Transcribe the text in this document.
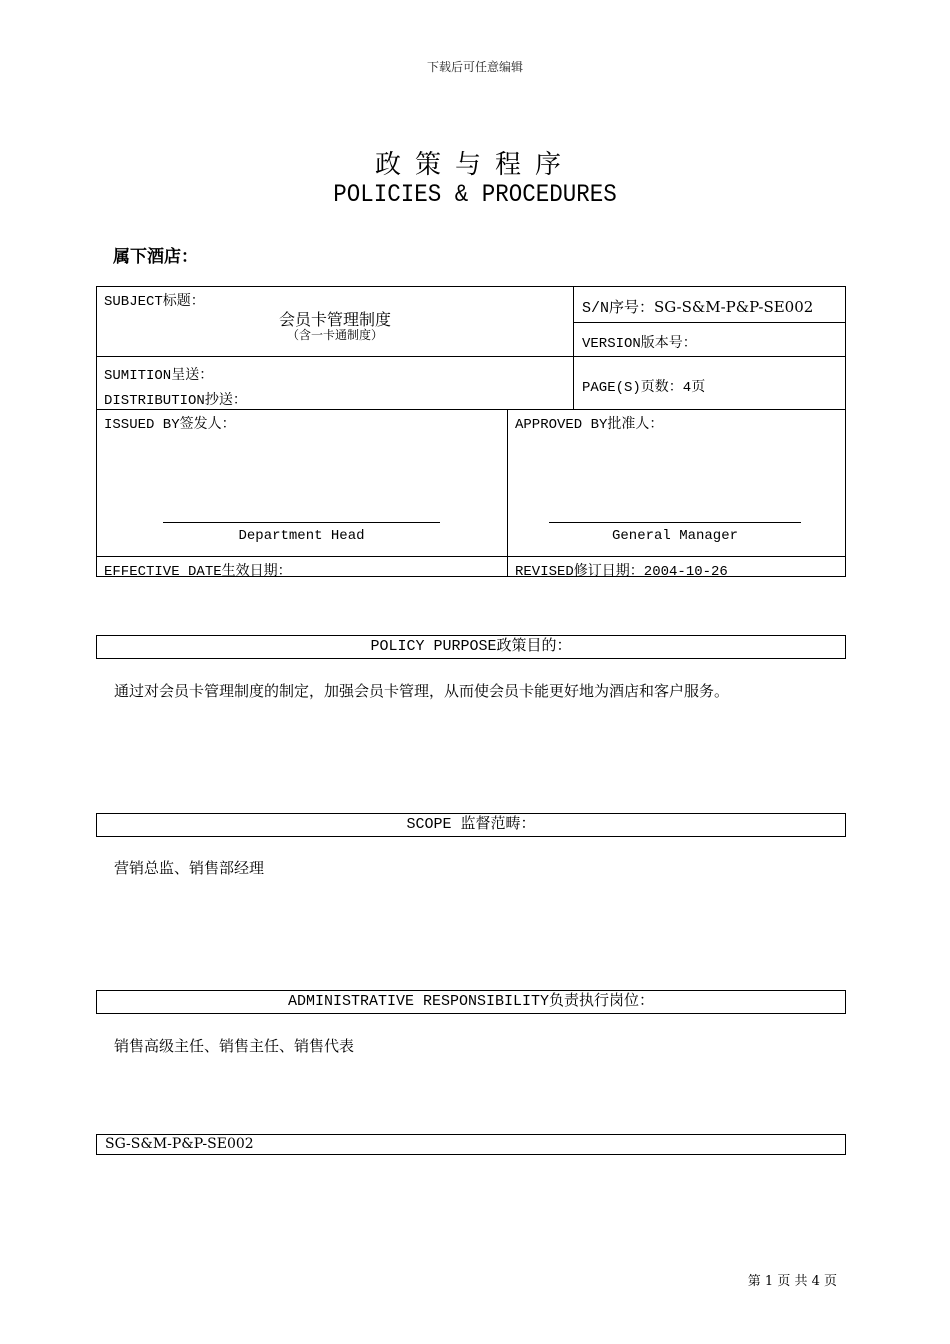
下载后可任意编辑
政策与程序
POLICIES & PROCEDURES
属下酒店：
SUBJECT标题：
会员卡管理制度
（含一卡通制度）
S/N序号：SG-S&M-P&P-SE002
VERSION版本号：
SUMITION呈送：
DISTRIBUTION抄送：
PAGE(S)页数：4页
ISSUED BY签发人：	APPROVED BY批准人：
Department Head	General Manager
EFFECTIVE DATE生效日期：	REVISED修订日期：2004-10-26
POLICY PURPOSE政策目的：
通过对会员卡管理制度的制定，加强会员卡管理，从而使会员卡能更好地为酒店和客户服务。
SCOPE 监督范畴：
营销总监、销售部经理
ADMINISTRATIVE RESPONSIBILITY负责执行岗位：
销售高级主任、销售主任、销售代表
SG-S&M-P&P-SE002
第 1 页 共 4 页
